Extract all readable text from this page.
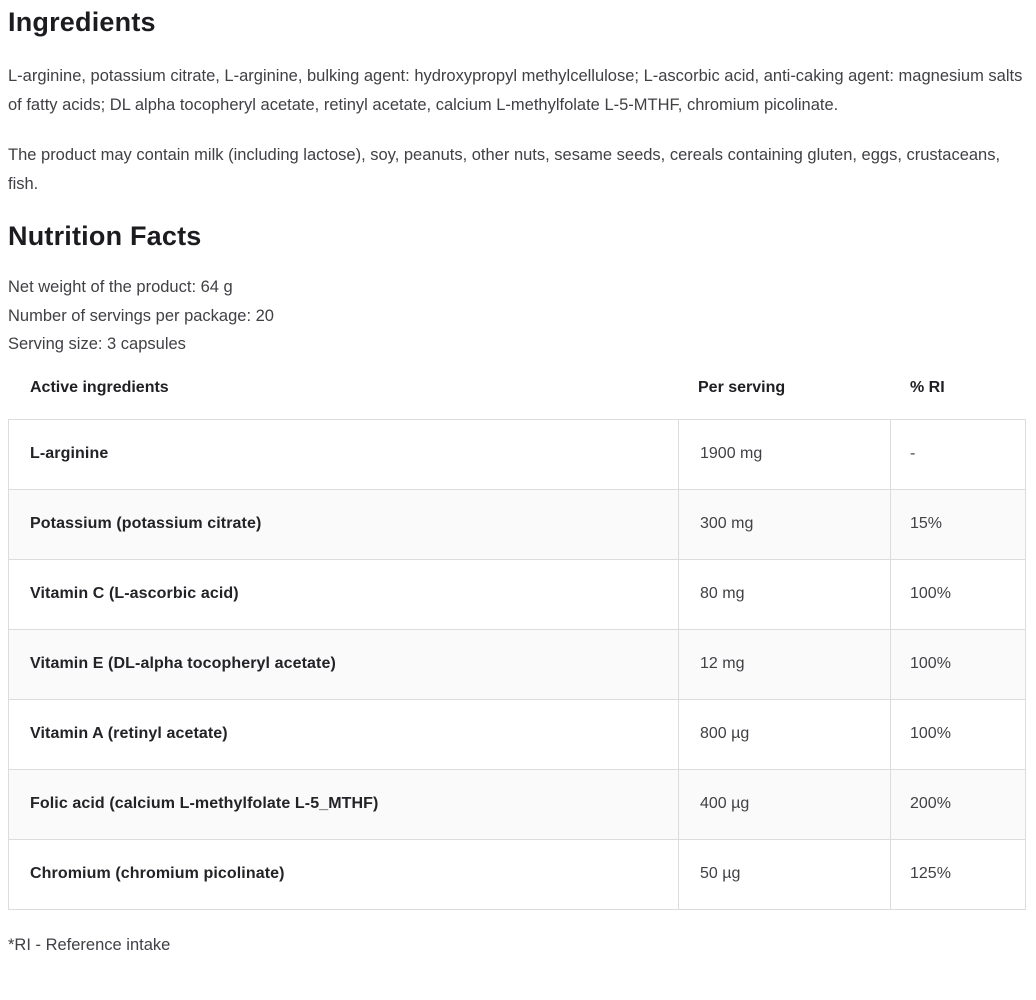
Ingredients

L-arginine, potassium citrate, L-arginine, bulking agent: hydroxypropyl methylcellulose; L-ascorbic acid, anti-caking agent: magnesium salts of fatty acids; DL alpha tocopheryl acetate, retinyl acetate, calcium L-methylfolate L-5-MTHF, chromium picolinate.

The product may contain milk (including lactose), soy, peanuts, other nuts, sesame seeds, cereals containing gluten, eggs, crustaceans, fish.

Nutrition Facts
Net weight of the product: 64 g
Number of servings per package: 20
Serving size: 3 capsules
Active ingredients	Per serving	% RI
L-arginine	1900 mg	-
Potassium (potassium citrate)	300 mg	15%
Vitamin C (L-ascorbic acid)	80 mg	100%
Vitamin E (DL-alpha tocopheryl acetate)	12 mg	100%
Vitamin A (retinyl acetate)	800 µg	100%
Folic acid (calcium L-methylfolate L-5_MTHF)	400 µg	200%
Chromium (chromium picolinate)	50 µg	125%
*RI - Reference intake
